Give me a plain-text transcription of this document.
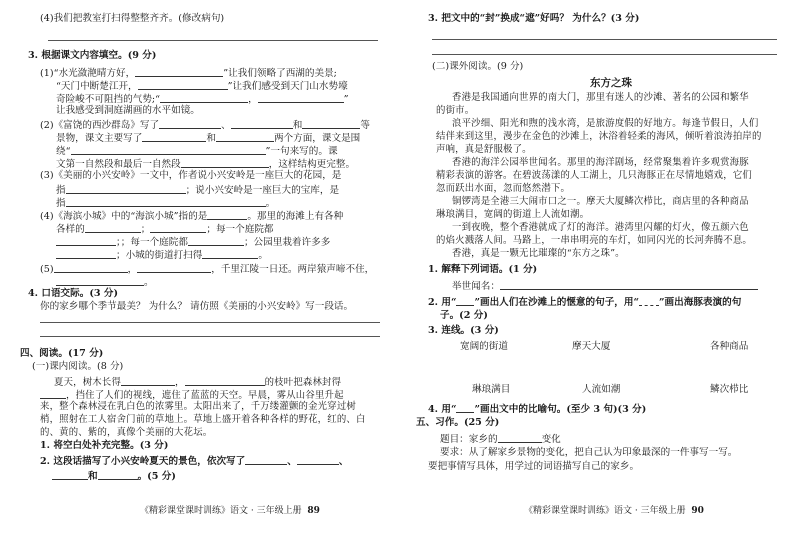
(4)我们把教室打扫得整整齐齐。(修改病句)
3. 根据课文内容填空。(9 分)
(1)“水光潋滟晴方好，	”让我们领略了西湖的美景;
“天门中断楚江开，	”让我们感受到天门山水势壕
奇险峻不可阻挡的气势;“	，	”
让我感受到洞庭湖画的水平如镜。
(2)《富饶的西沙群岛》写了	、	和	等
景物，课文主要写了	和	两个方面，课文是围
绕“	”一句来写的。课
文第一自然段和最后一自然段	，这样结构更完整。
(3)《美丽的小兴安岭》一文中，作者说小兴安岭是一座巨大的花园，是
指	；说小兴安岭是一座巨大的宝库，是
指	。
(4)《海滨小城》中的“海滨小城”指的是	。那里的海滩上有各种
各样的	；	；每一个庭院都
；；每一个庭院都	；公园里栽着许多多
；小城的街道打扫得	。
(5)	，	，千里江陵一日还。两岸猿声啼不住，
。
4. 口语交际。(3 分)
你的家乡哪个季节最美？ 为什么？ 请仿照《美丽的小兴安岭》写一段话。
四、阅读。(17 分)
(一)课内阅读。(8 分)
夏天，树木长得	，	的枝叶把森林封得
，挡住了人们的视线，遮住了蓝蓝的天空。早晨，雾从山谷里升起
来，整个森林浸在乳白色的浓雾里。太阳出来了，千万缕灌颤的金光穿过树
梢，照射在工人宿舍门前的草地上。草地上盛开着各种各样的野花，红的、白
的、黄的、紫的，真像个美丽的大花坛。
1. 将空白处补充完整。(3 分)
2. 这段话描写了小兴安岭夏天的景色，依次写了	、	、
和	。(5 分)
《精彩课堂课时训练》语文 · 三年级上册 89
3. 把文中的“封”换成“遮”好吗？ 为什么？(3 分)
(二)课外阅读。(9 分)
东方之珠
香港是我国通向世界的南大门，那里有迷人的沙滩、著名的公园和繁华
的街市。
浪平沙细、阳光和煦的浅水湾，是旅游度假的好地方。每逢节假日，人们
结伴来到这里，漫步在金色的沙滩上，沐浴着轻柔的海风，倾听着浪涛拍岸的
声响，真是舒服极了。
香港的海洋公园举世闻名。那里的海洋剧场，经常聚集着许多观赏海豚
精彩表演的游客。在碧波荡漾的人工湖上，几只海豚正在尽情地嬉戏，它们
忽而跃出水面，忽而悠然潜下。
铜锣湾是全港三大闹市口之一。摩天大厦鳞次栉比，商店里的各种商品
琳琅满目，宽阔的街道上人流如潮。
一到夜晚，整个香港就成了灯的海洋。港湾里闪耀的灯火，像五颜六色
的焰火溅落人间。马路上，一串串明亮的车灯，如同闪光的长河奔腾不息。
香港，真是一颗无比璀璨的“东方之珠”。
1. 解释下列词语。(1 分)
举世闻名：
2. 用“ ”画出人们在沙滩上的惬意的句子，用“ ”画出海豚表演的句
子。(2 分)
3. 连线。(3 分)
宽阔的街道	摩天大厦	各种商品
琳琅满目	人流如潮	鳞次栉比
4. 用“ ”画出文中的比喻句。(至少 3 句)(3 分)
五、习作。(25 分)
题目：家乡的	变化
要求：从了解家乡景物的变化，把自己认为印象最深的一件事写一写。
要把事情写具体，用学过的词语描写自己的家乡。
《精彩课堂课时训练》语文 · 三年级上册 90
